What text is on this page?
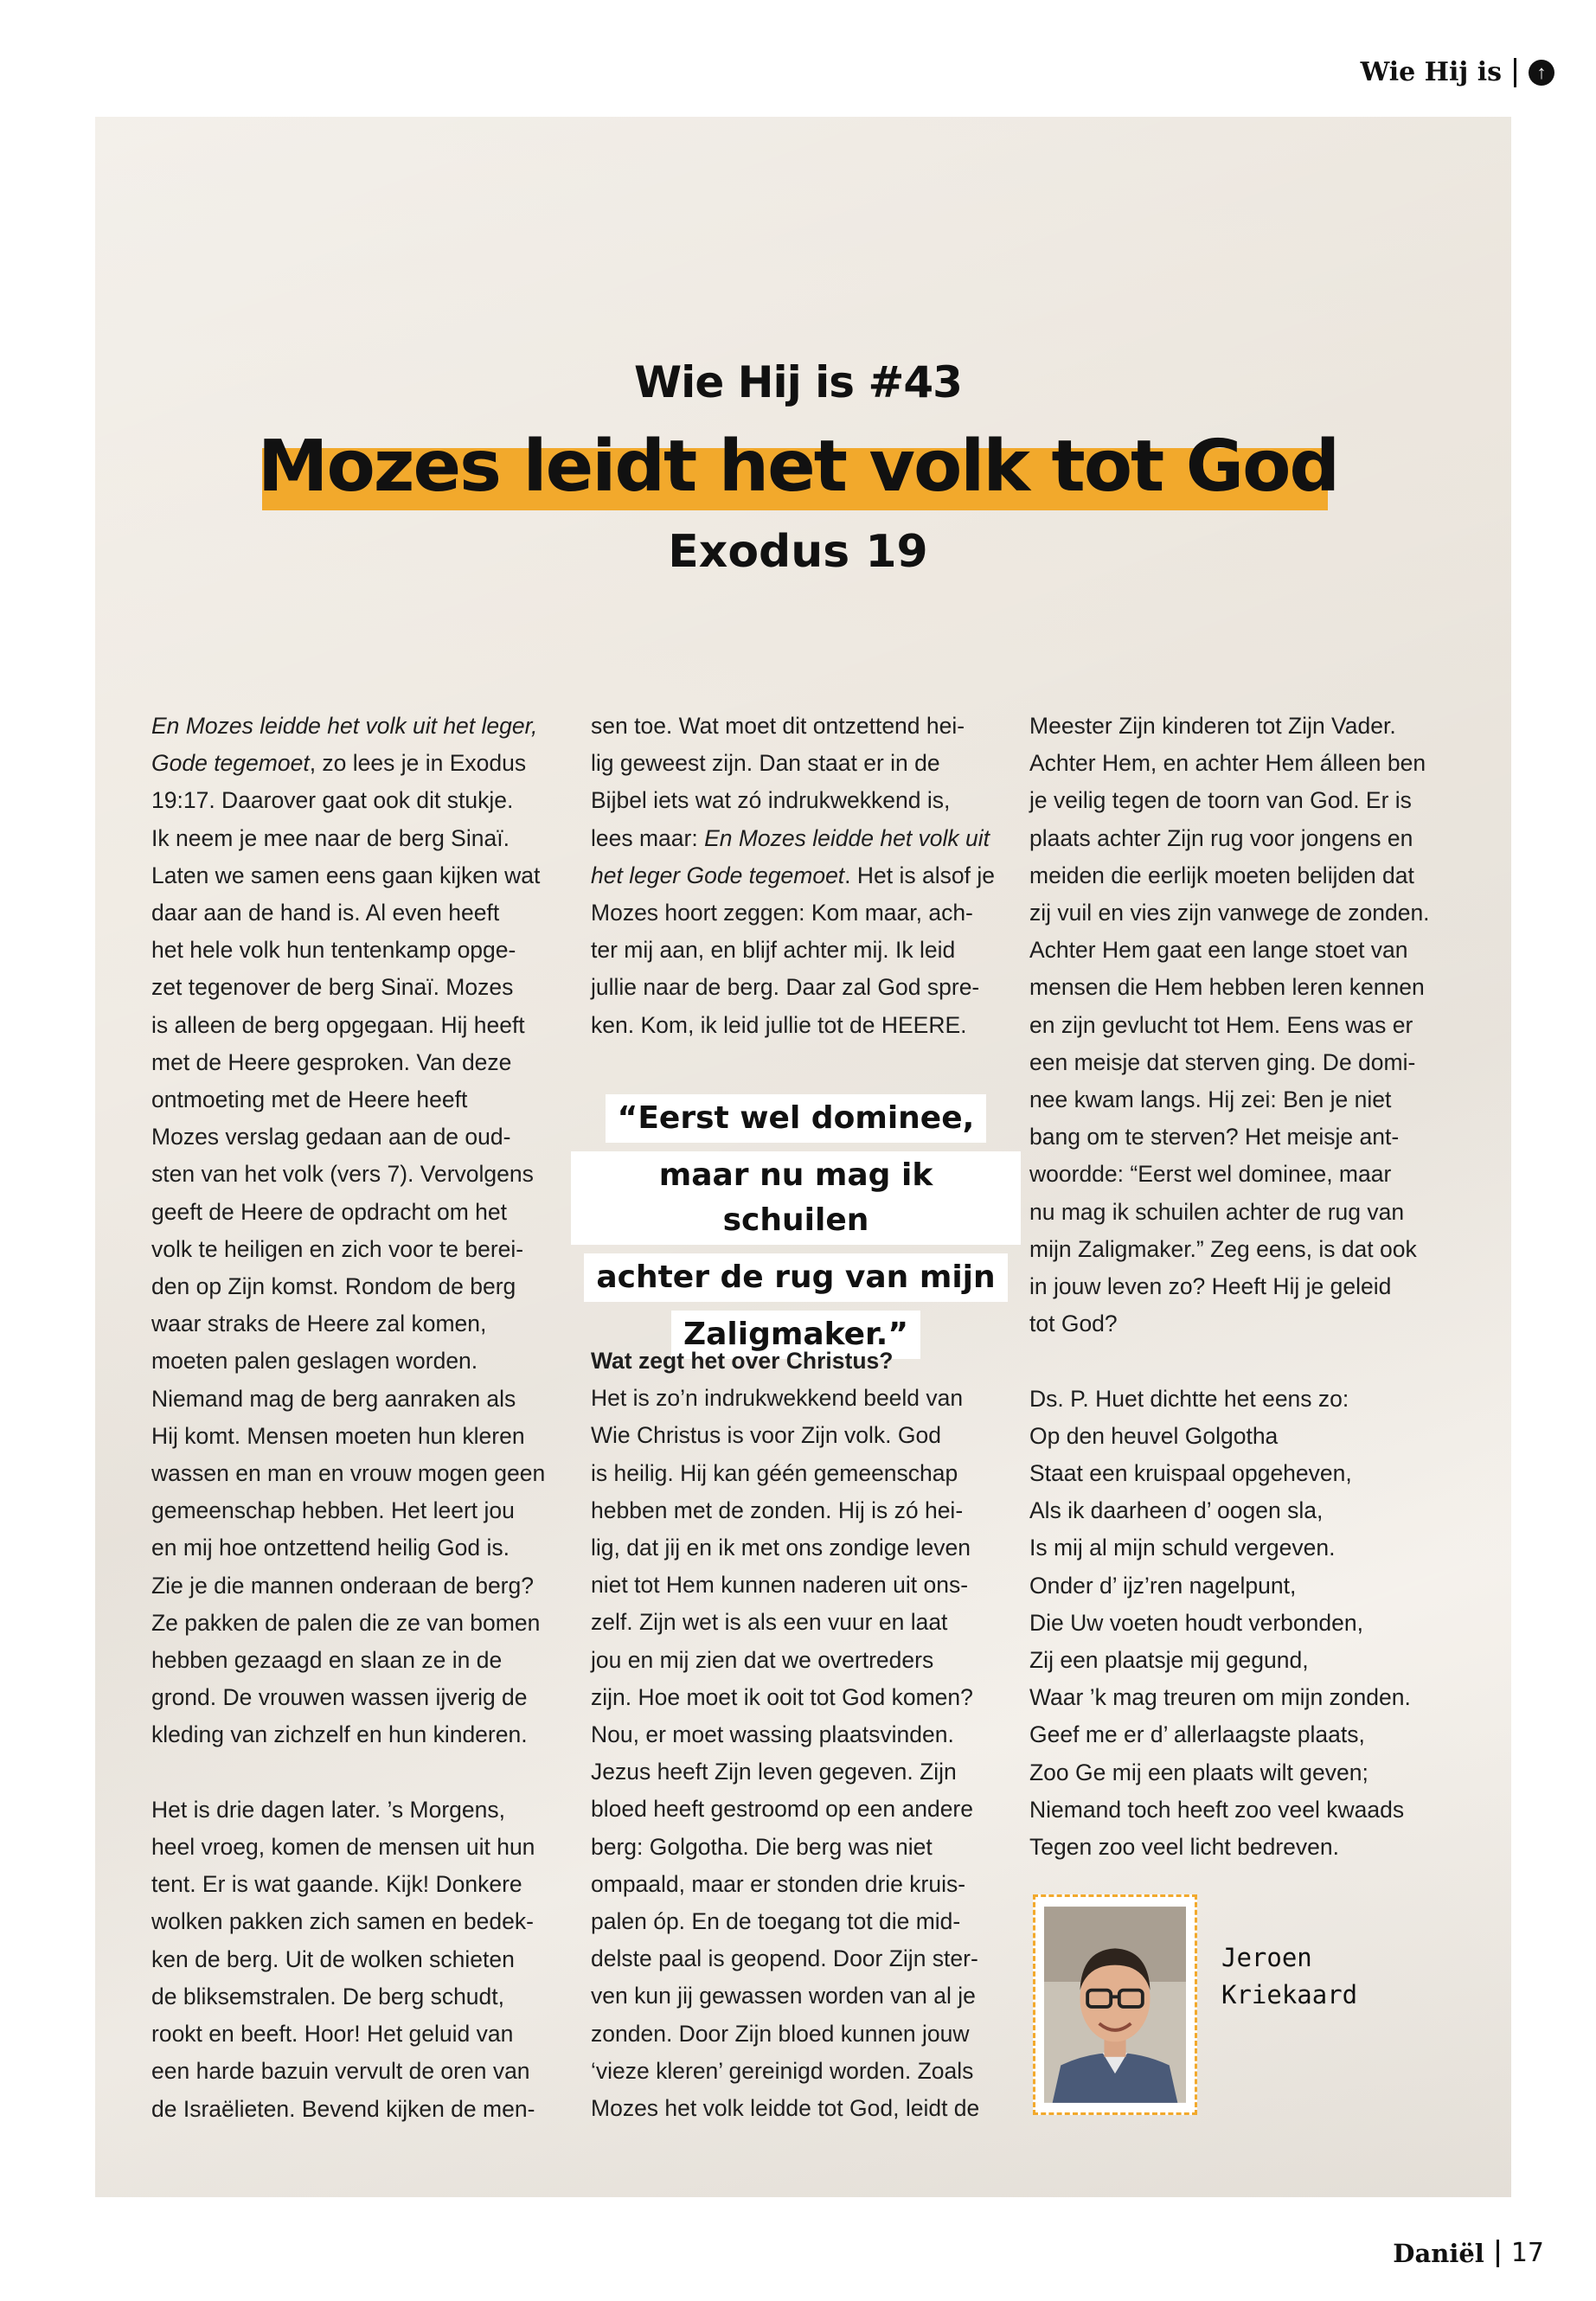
Wie Hij is	↑
Wie Hij is #43
Mozes leidt het volk tot God
Exodus 19

En Mozes leidde het volk uit het leger,

Gode tegemoet, zo lees je in Exodus

19:17. Daarover gaat ook dit stukje.

Ik neem je mee naar de berg Sinaï.

Laten we samen eens gaan kijken wat

daar aan de hand is. Al even heeft

het hele volk hun tentenkamp opge-

zet tegenover de berg Sinaï. Mozes

is alleen de berg opgegaan. Hij heeft

met de Heere gesproken. Van deze

ontmoeting met de Heere heeft

Mozes verslag gedaan aan de oud-

sten van het volk (vers 7). Vervolgens

geeft de Heere de opdracht om het

volk te heiligen en zich voor te berei-

den op Zijn komst. Rondom de berg

waar straks de Heere zal komen,

moeten palen geslagen worden.

Niemand mag de berg aanraken als

Hij komt. Mensen moeten hun kleren

wassen en man en vrouw mogen geen

gemeenschap hebben. Het leert jou

en mij hoe ontzettend heilig God is.

Zie je die mannen onderaan de berg?

Ze pakken de palen die ze van bomen

hebben gezaagd en slaan ze in de

grond. De vrouwen wassen ijverig de

kleding van zichzelf en hun kinderen.

Het is drie dagen later. ’s Morgens,

heel vroeg, komen de mensen uit hun

tent. Er is wat gaande. Kijk! Donkere

wolken pakken zich samen en bedek-

ken de berg. Uit de wolken schieten

de bliksemstralen. De berg schudt,

rookt en beeft. Hoor! Het geluid van

een harde bazuin vervult de oren van

de Israëlieten. Bevend kijken de men-

sen toe. Wat moet dit ontzettend hei-

lig geweest zijn. Dan staat er in de

Bijbel iets wat zó indrukwekkend is,

lees maar: En Mozes leidde het volk uit

het leger Gode tegemoet. Het is alsof je

Mozes hoort zeggen: Kom maar, ach-

ter mij aan, en blijf achter mij. Ik leid

jullie naar de berg. Daar zal God spre-

ken. Kom, ik leid jullie tot de HEERE.

“Eerst wel dominee,
maar nu mag ik schuilen
achter de rug van mijn
Zaligmaker.”

Wat zegt het over Christus?

Het is zo’n indrukwekkend beeld van

Wie Christus is voor Zijn volk. God

is heilig. Hij kan géén gemeenschap

hebben met de zonden. Hij is zó hei-

lig, dat jij en ik met ons zondige leven

niet tot Hem kunnen naderen uit ons-

zelf. Zijn wet is als een vuur en laat

jou en mij zien dat we overtreders

zijn. Hoe moet ik ooit tot God komen?

Nou, er moet wassing plaatsvinden.

Jezus heeft Zijn leven gegeven. Zijn

bloed heeft gestroomd op een andere

berg: Golgotha. Die berg was niet

ompaald, maar er stonden drie kruis-

palen óp. En de toegang tot die mid-

delste paal is geopend. Door Zijn ster-

ven kun jij gewassen worden van al je

zonden. Door Zijn bloed kunnen jouw

‘vieze kleren’ gereinigd worden. Zoals

Mozes het volk leidde tot God, leidt de

Meester Zijn kinderen tot Zijn Vader.

Achter Hem, en achter Hem álleen ben

je veilig tegen de toorn van God. Er is

plaats achter Zijn rug voor jongens en

meiden die eerlijk moeten belijden dat

zij vuil en vies zijn vanwege de zonden.

Achter Hem gaat een lange stoet van

mensen die Hem hebben leren kennen

en zijn gevlucht tot Hem. Eens was er

een meisje dat sterven ging. De domi-

nee kwam langs. Hij zei: Ben je niet

bang om te sterven? Het meisje ant-

woordde: “Eerst wel dominee, maar

nu mag ik schuilen achter de rug van

mijn Zaligmaker.” Zeg eens, is dat ook

in jouw leven zo? Heeft Hij je geleid

tot God?

Ds. P. Huet dichtte het eens zo:

Op den heuvel Golgotha

Staat een kruispaal opgeheven,

Als ik daarheen d’ oogen sla,

Is mij al mijn schuld vergeven.

Onder d’ ijz’ren nagelpunt,

Die Uw voeten houdt verbonden,

Zij een plaatsje mij gegund,

Waar ’k mag treuren om mijn zonden.

Geef me er d’ allerlaagste plaats,

Zoo Ge mij een plaats wilt geven;

Niemand toch heeft zoo veel kwaads

Tegen zoo veel licht bedreven.

Jeroen
Kriekaard
Daniël 17
